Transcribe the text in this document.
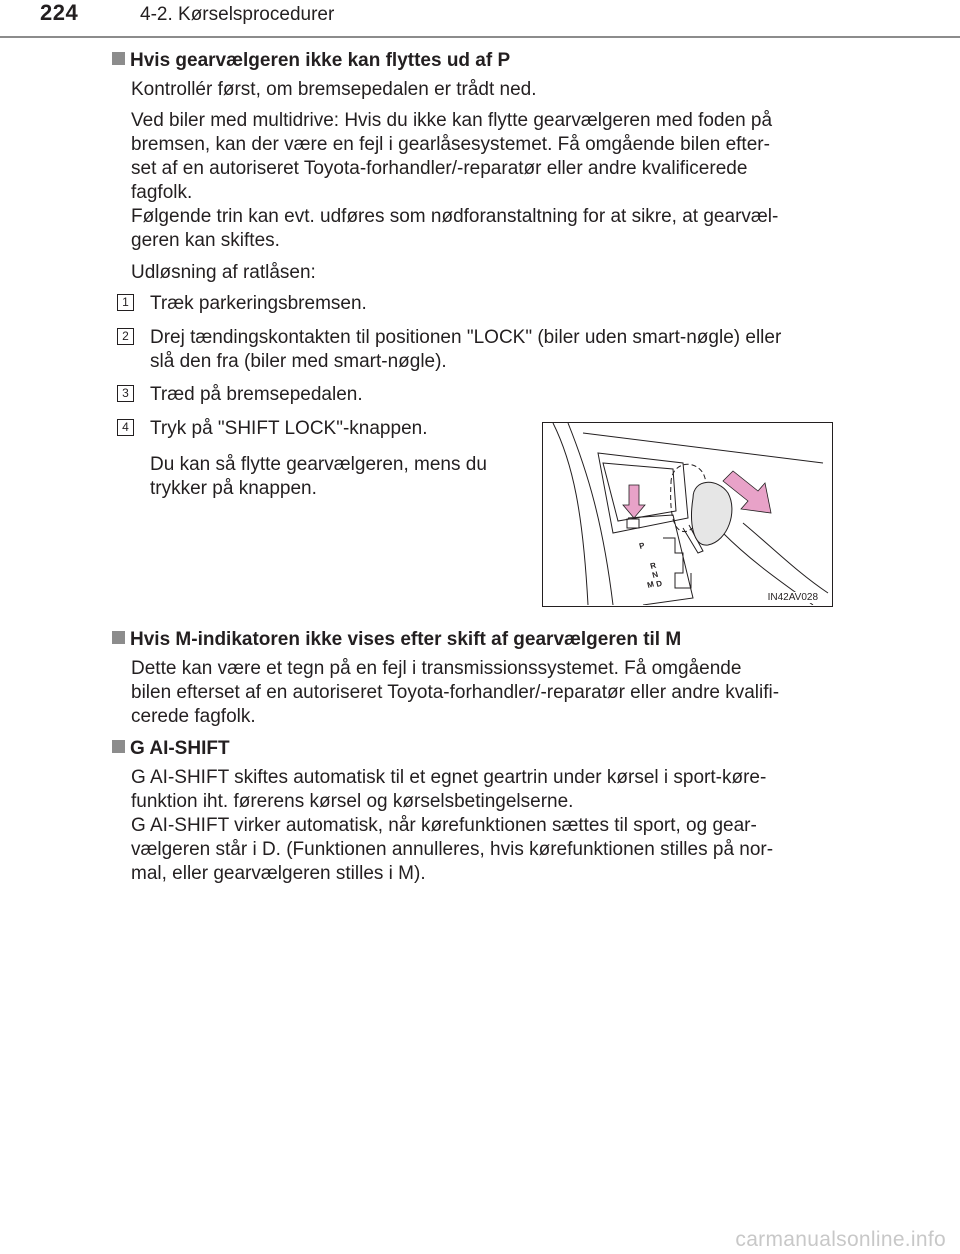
224	4-2. Kørselsprocedurer
Hvis gearvælgeren ikke kan flyttes ud af P
Kontrollér først, om bremsepedalen er trådt ned.
Ved biler med multidrive: Hvis du ikke kan flytte gearvælgeren med foden på
bremsen, kan der være en fejl i gearlåsesystemet. Få omgående bilen efter-
set af en autoriseret Toyota-forhandler/-reparatør eller andre kvalificerede
fagfolk.
Følgende trin kan evt. udføres som nødforanstaltning for at sikre, at gearvæl-
geren kan skiftes.
Udløsning af ratlåsen:
1 Træk parkeringsbremsen.
2 Drej tændingskontakten til positionen "LOCK" (biler uden smart-nøgle) eller
slå den fra (biler med smart-nøgle).
3 Træd på bremsepedalen.
4 Tryk på "SHIFT LOCK"-knappen.
Du kan så flytte gearvælgeren, mens du
trykker på knappen.
P
R
N
D
M
IN42AV028
Hvis M-indikatoren ikke vises efter skift af gearvælgeren til M
Dette kan være et tegn på en fejl i transmissionssystemet. Få omgående
bilen efterset af en autoriseret Toyota-forhandler/-reparatør eller andre kvalifi-
cerede fagfolk.
G AI-SHIFT
G AI-SHIFT skiftes automatisk til et egnet geartrin under kørsel i sport-køre-
funktion iht. førerens kørsel og kørselsbetingelserne.
G AI-SHIFT virker automatisk, når kørefunktionen sættes til sport, og gear-
vælgeren står i D. (Funktionen annulleres, hvis kørefunktionen stilles på nor-
mal, eller gearvælgeren stilles i M).
carmanualsonline.info
